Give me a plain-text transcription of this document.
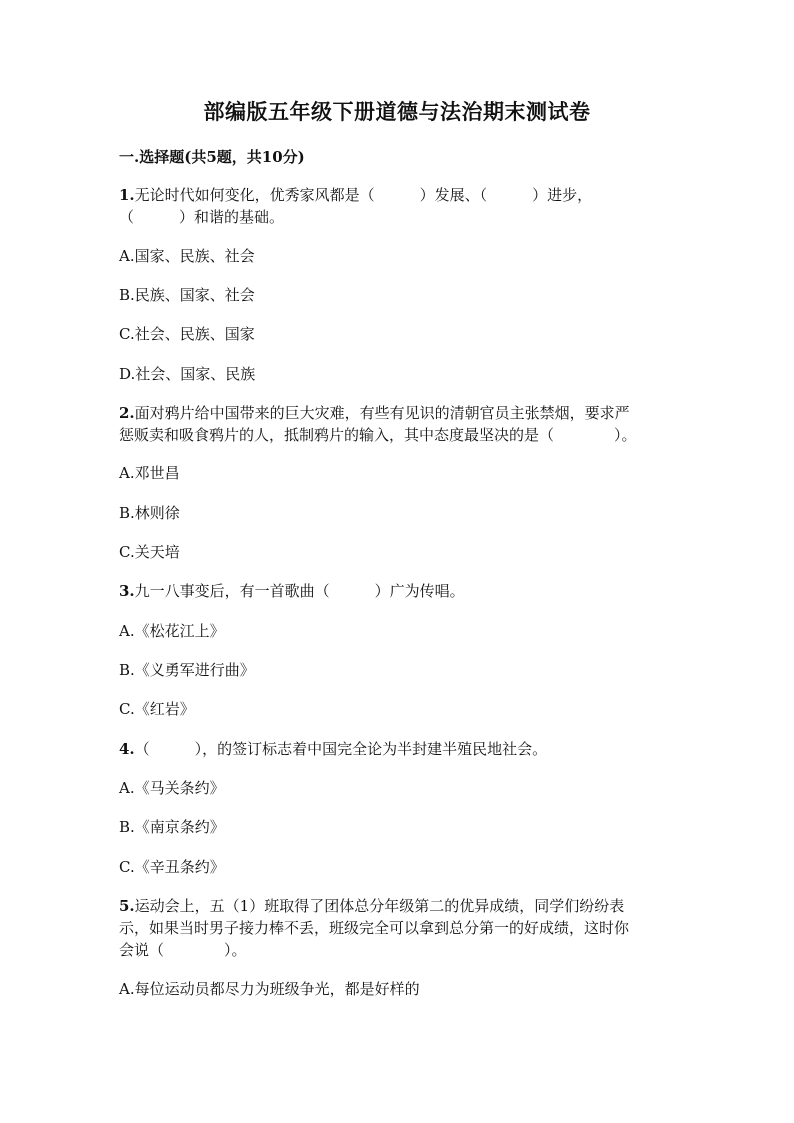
部编版五年级下册道德与法治期末测试卷
一.选择题(共5题，共10分)
1.无论时代如何变化，优秀家风都是（　　　）发展、（　　　）进步，
（　　　）和谐的基础。
A.国家、民族、社会
B.民族、国家、社会
C.社会、民族、国家
D.社会、国家、民族
2.面对鸦片给中国带来的巨大灾难，有些有见识的清朝官员主张禁烟，要求严
惩贩卖和吸食鸦片的人，抵制鸦片的输入，其中态度最坚决的是（　　　　）。
A.邓世昌
B.林则徐
C.关天培
3.九一八事变后，有一首歌曲（　　　）广为传唱。
A.《松花江上》
B.《义勇军进行曲》
C.《红岩》
4.（　　　），的签订标志着中国完全论为半封建半殖民地社会。
A.《马关条约》
B.《南京条约》
C.《辛丑条约》
5.运动会上，五（1）班取得了团体总分年级第二的优异成绩，同学们纷纷表
示，如果当时男子接力棒不丢，班级完全可以拿到总分第一的好成绩，这时你
会说（　　　　）。
A.每位运动员都尽力为班级争光，都是好样的
